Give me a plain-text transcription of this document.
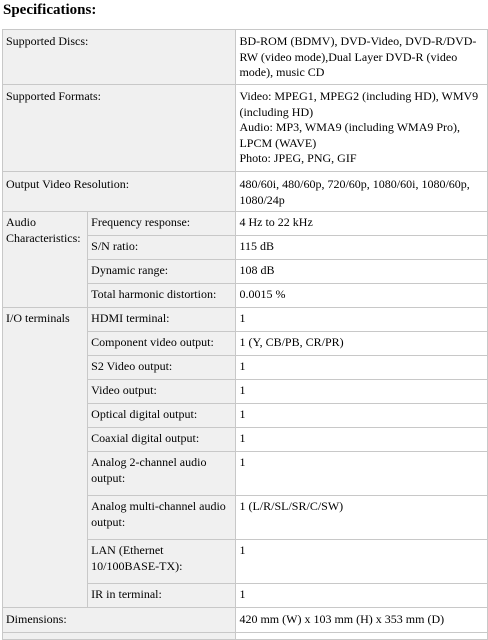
Specifications:
Supported Discs:		BD-ROM (BDMV), DVD-Video, DVD-R/DVD-RW (video mode),Dual Layer DVD-R (video mode), music CD
Supported Formats:		Video: MPEG1, MPEG2 (including HD), WMV9 (including HD)
Audio: MP3, WMA9 (including WMA9 Pro), LPCM (WAVE)
Photo: JPEG, PNG, GIF

Output Video Resolution:		480/60i, 480/60p, 720/60p, 1080/60i, 1080/60p, 1080/24p
Audio Characteristics:	Frequency response:	4 Hz to 22 kHz
	S/N ratio:	115 dB
	Dynamic range:	108 dB
	Total harmonic distortion:	0.0015 %
I/O terminals	HDMI terminal:	1
	Component video output:	1 (Y, CB/PB, CR/PR)
	S2 Video output:	1
	Video output:	1
	Optical digital output:	1
	Coaxial digital output:	1
	Analog 2-channel audio output:	1
	Analog multi-channel audio output:	1 (L/R/SL/SR/C/SW)
	LAN (Ethernet 10/100BASE-TX):	1
	IR in terminal:	1
Dimensions:		420 mm (W) x 103 mm (H) x 353 mm (D)
